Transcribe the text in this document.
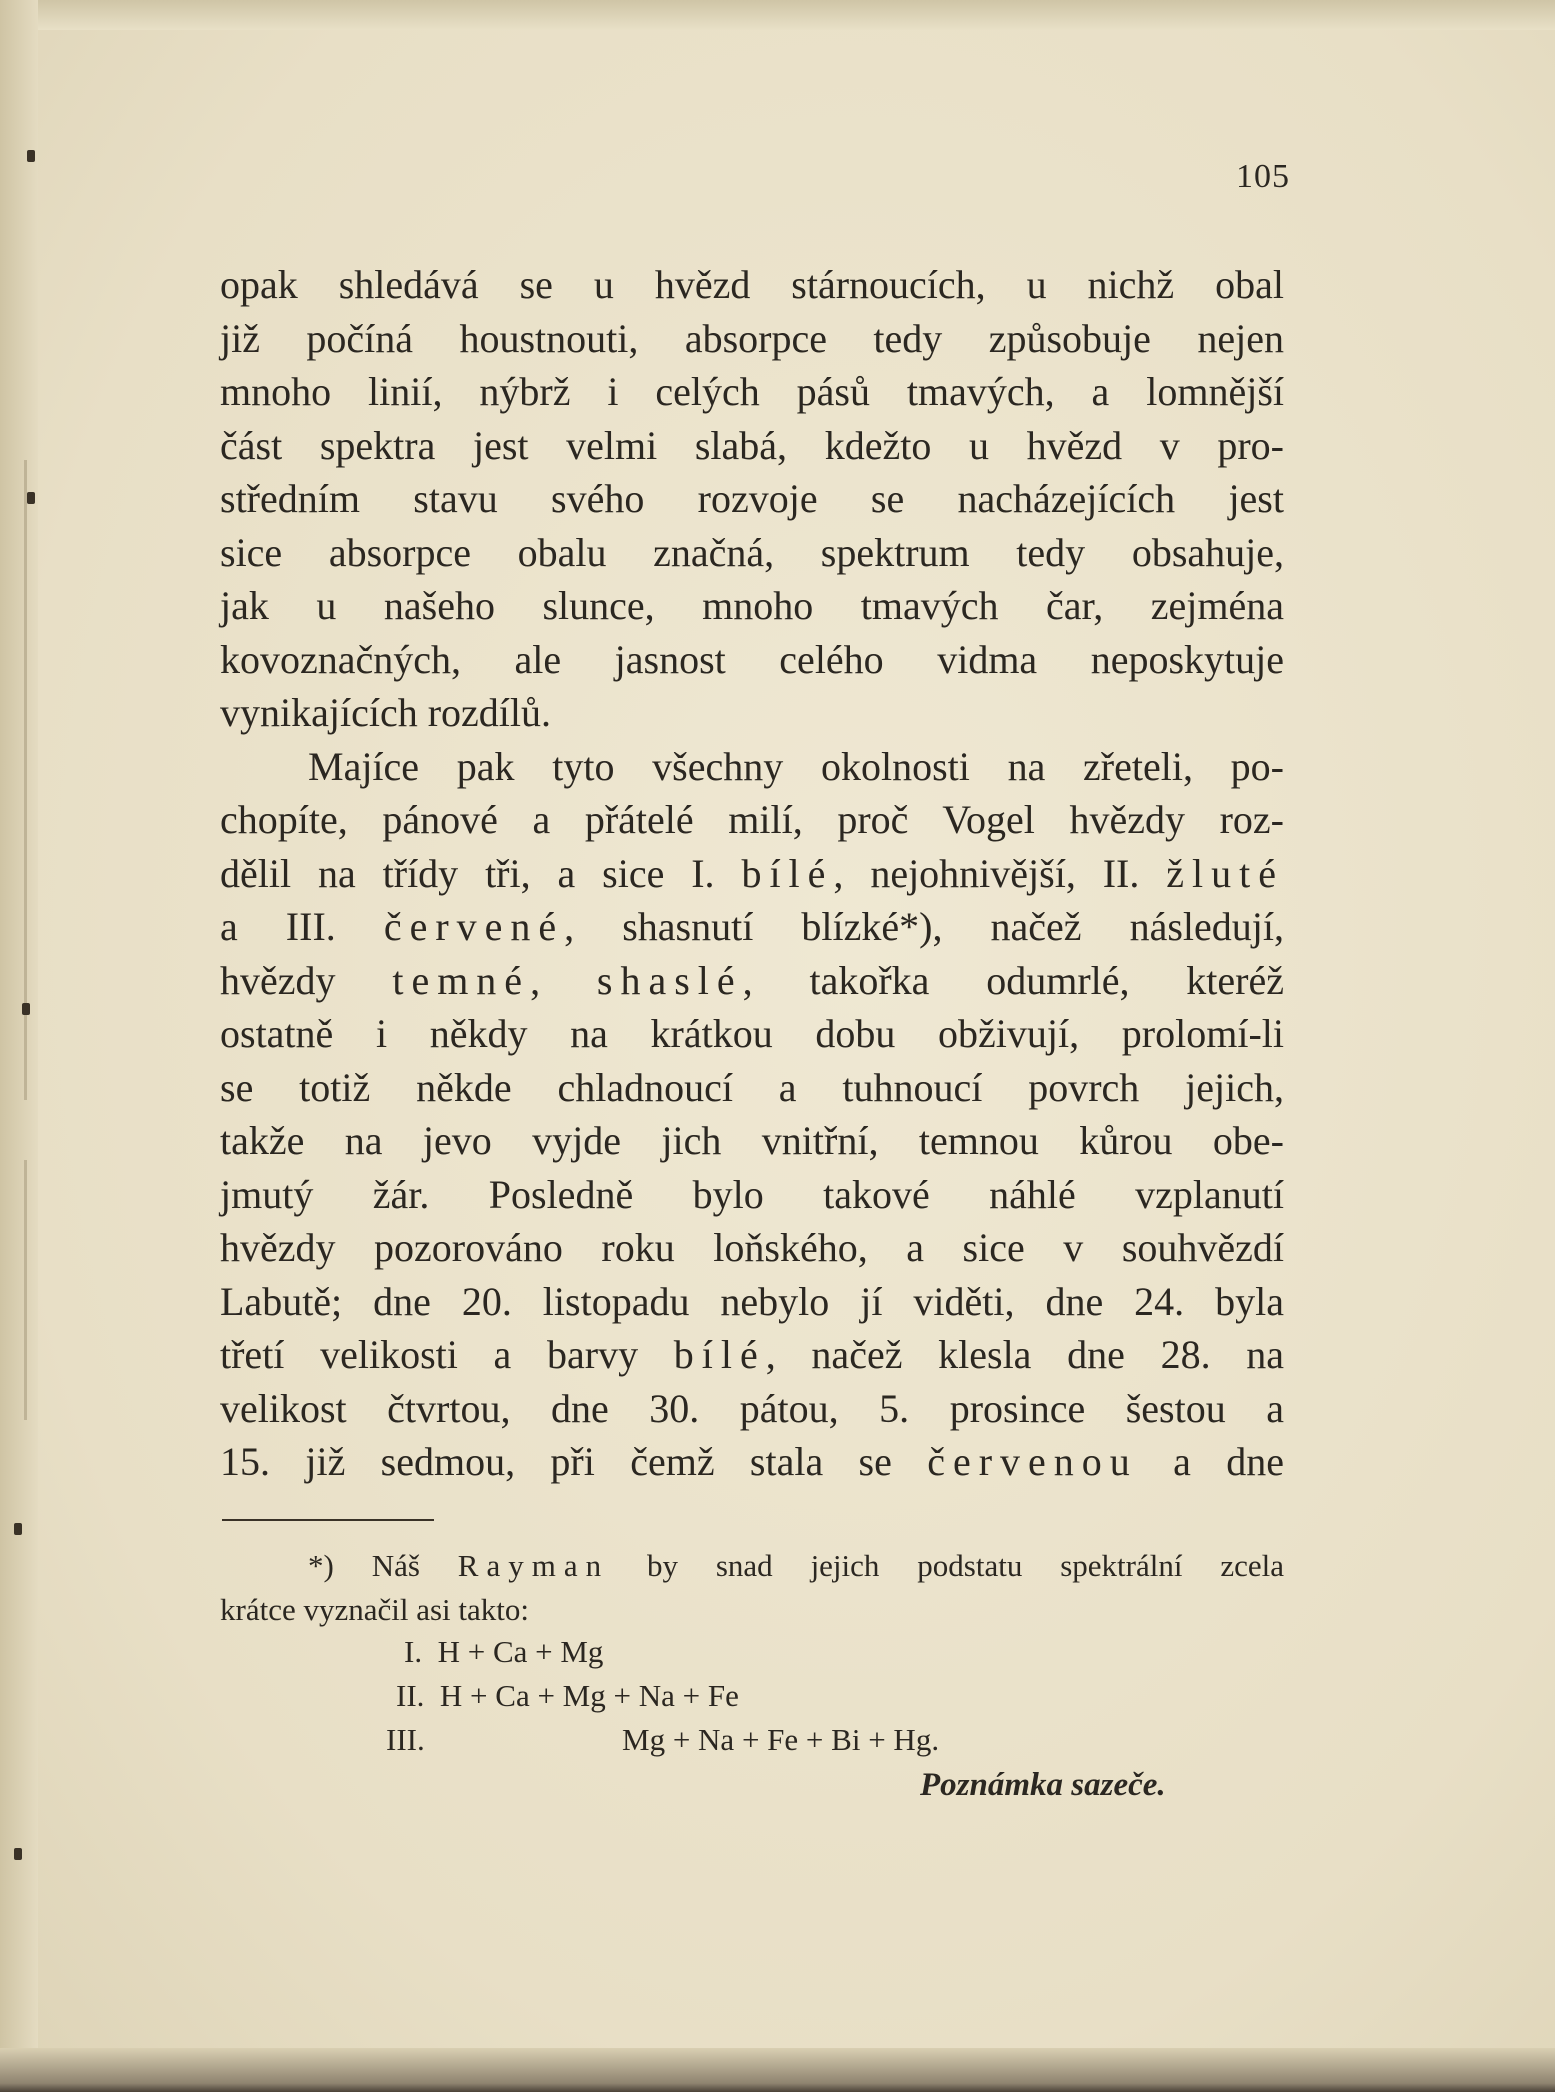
105

opak shledává se u hvězd stárnoucích, u nichž obal

již počíná houstnouti, absorpce tedy způsobuje nejen

mnoho linií, nýbrž i celých pásů tmavých, a lomnější

část spektra jest velmi slabá, kdežto u hvězd v pro-

středním stavu svého rozvoje se nacházejících jest

sice absorpce obalu značná, spektrum tedy obsahuje,

jak u našeho slunce, mnoho tmavých čar, zejména

kovoznačných, ale jasnost celého vidma neposkytuje

vynikajících rozdílů.

Majíce pak tyto všechny okolnosti na zřeteli, po-

chopíte, pánové a přátelé milí, proč Vogel hvězdy roz-

dělil na třídy tři, a sice I. bílé, nejohnivější, II. žluté

a III. červené, shasnutí blízké*), načež následují,

hvězdy temné, shaslé, takořka odumrlé, kteréž

ostatně i někdy na krátkou dobu obživují, prolomí-li

se totiž někde chladnoucí a tuhnoucí povrch jejich,

takže na jevo vyjde jich vnitřní, temnou kůrou obe-

jmutý žár. Posledně bylo takové náhlé vzplanutí

hvězdy pozorováno roku loňského, a sice v souhvězdí

Labutě; dne 20. listopadu nebylo jí viděti, dne 24. byla

třetí velikosti a barvy bílé, načež klesla dne 28. na

velikost čtvrtou, dne 30. pátou, 5. prosince šestou a

15. již sedmou, při čemž stala se červenou a dne

*) Náš Rayman by snad jejich podstatu spektrální zcela

krátce vyznačil asi takto:

I.  H + Ca + Mg
II.  H + Ca + Mg + Na + Fe
III.	Mg + Na + Fe + Bi + Hg.
Poznámka sazeče.
